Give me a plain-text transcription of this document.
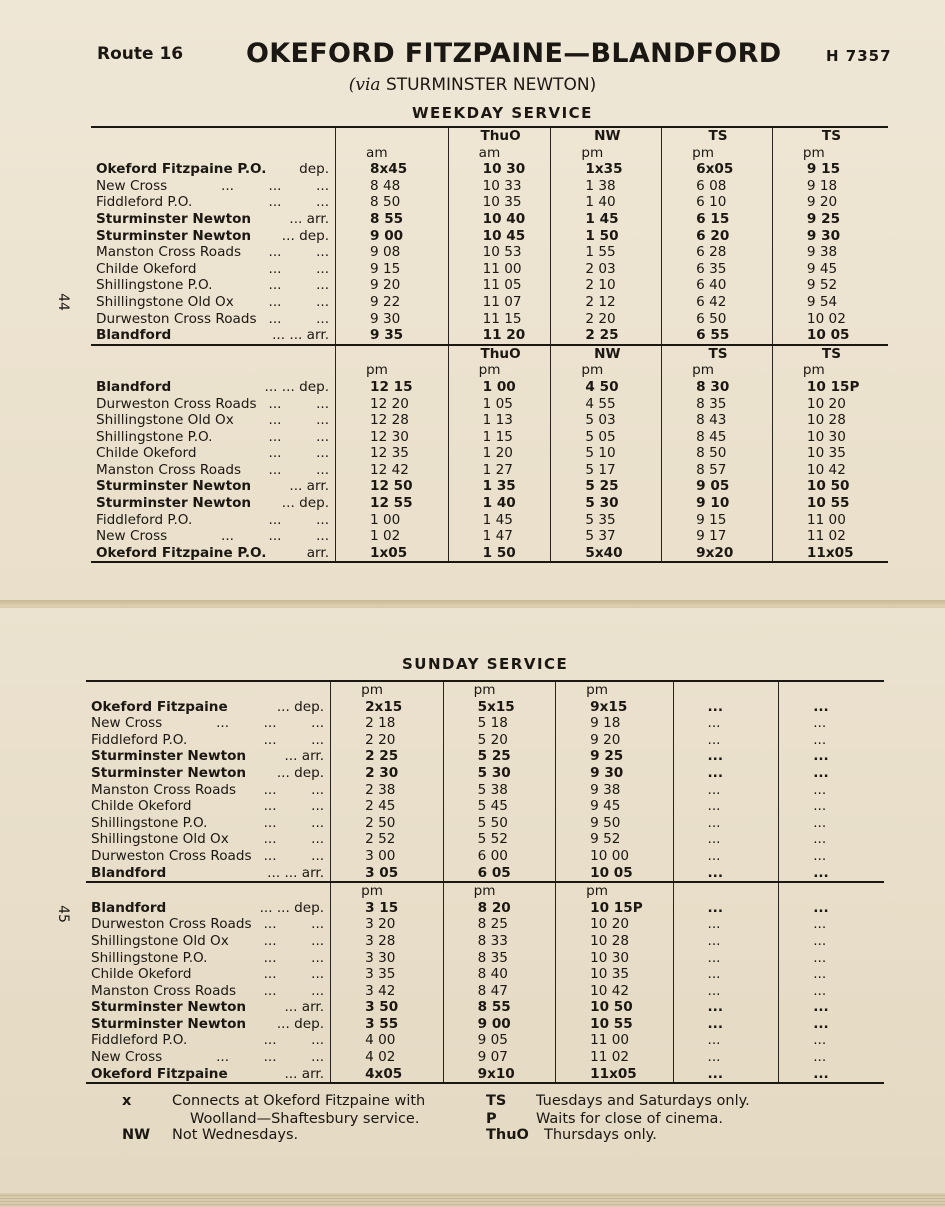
Route 16 OKEFORD FITZPAINE—BLANDFORD	H 7357
(via STURMINSTER NEWTON)
WEEKDAY SERVICE
SUNDAY SERVICE
44
45
		ThuO	NW	TS	TS
	am	am	pm	pm	pm
Okeford Fitzpaine P.O. dep.	8x45	10 30	1x35	6x05	9 15
New Cross ...        ...        ...	8 48	10 33	1 38	6 08	9 18
Fiddleford P.O. ...        ...	8 50	10 35	1 40	6 10	9 20
Sturminster Newton ... arr.	8 55	10 40	1 45	6 15	9 25
Sturminster Newton ... dep.	9 00	10 45	1 50	6 20	9 30
Manston Cross Roads ...        ...	9 08	10 53	1 55	6 28	9 38
Childe Okeford ...        ...	9 15	11 00	2 03	6 35	9 45
Shillingstone P.O. ...        ...	9 20	11 05	2 10	6 40	9 52
Shillingstone Old Ox ...        ...	9 22	11 07	2 12	6 42	9 54
Durweston Cross Roads ...        ...	9 30	11 15	2 20	6 50	10 02
Blandford ... ... arr.	9 35	11 20	2 25	6 55	10 05
		ThuO	NW	TS	TS
	pm	pm	pm	pm	pm
Blandford ... ... dep.	12 15	1 00	4 50	8 30	10 15P
Durweston Cross Roads ...        ...	12 20	1 05	4 55	8 35	10 20
Shillingstone Old Ox ...        ...	12 28	1 13	5 03	8 43	10 28
Shillingstone P.O. ...        ...	12 30	1 15	5 05	8 45	10 30
Childe Okeford ...        ...	12 35	1 20	5 10	8 50	10 35
Manston Cross Roads ...        ...	12 42	1 27	5 17	8 57	10 42
Sturminster Newton ... arr.	12 50	1 35	5 25	9 05	10 50
Sturminster Newton ... dep.	12 55	1 40	5 30	9 10	10 55
Fiddleford P.O. ...        ...	1 00	1 45	5 35	9 15	11 00
New Cross ...        ...        ...	1 02	1 47	5 37	9 17	11 02
Okeford Fitzpaine P.O. arr.	1x05	1 50	5x40	9x20	11x05
	pm	pm	pm		
Okeford Fitzpaine ... dep.	2x15	5x15	9x15	...	...
New Cross ...        ...        ...	2 18	5 18	9 18	...	...
Fiddleford P.O. ...        ...	2 20	5 20	9 20	...	...
Sturminster Newton ... arr.	2 25	5 25	9 25	...	...
Sturminster Newton ... dep.	2 30	5 30	9 30	...	...
Manston Cross Roads ...        ...	2 38	5 38	9 38	...	...
Childe Okeford ...        ...	2 45	5 45	9 45	...	...
Shillingstone P.O. ...        ...	2 50	5 50	9 50	...	...
Shillingstone Old Ox ...        ...	2 52	5 52	9 52	...	...
Durweston Cross Roads ...        ...	3 00	6 00	10 00	...	...
Blandford ... ... arr.	3 05	6 05	10 05	...	...
	pm	pm	pm		
Blandford ... ... dep.	3 15	8 20	10 15P	...	...
Durweston Cross Roads ...        ...	3 20	8 25	10 20	...	...
Shillingstone Old Ox ...        ...	3 28	8 33	10 28	...	...
Shillingstone P.O. ...        ...	3 30	8 35	10 30	...	...
Childe Okeford ...        ...	3 35	8 40	10 35	...	...
Manston Cross Roads ...        ...	3 42	8 47	10 42	...	...
Sturminster Newton ... arr.	3 50	8 55	10 50	...	...
Sturminster Newton ... dep.	3 55	9 00	10 55	...	...
Fiddleford P.O. ...        ...	4 00	9 05	11 00	...	...
New Cross ...        ...        ...	4 02	9 07	11 02	...	...
Okeford Fitzpaine ... arr.	4x05	9x10	11x05	...	...
x	Connects at Okeford Fitzpaine with
Woolland—Shaftesbury service.
NW Not Wednesdays.
TS Tuesdays and Saturdays only.
P	Waits for close of cinema.
ThuO Thursdays only.
